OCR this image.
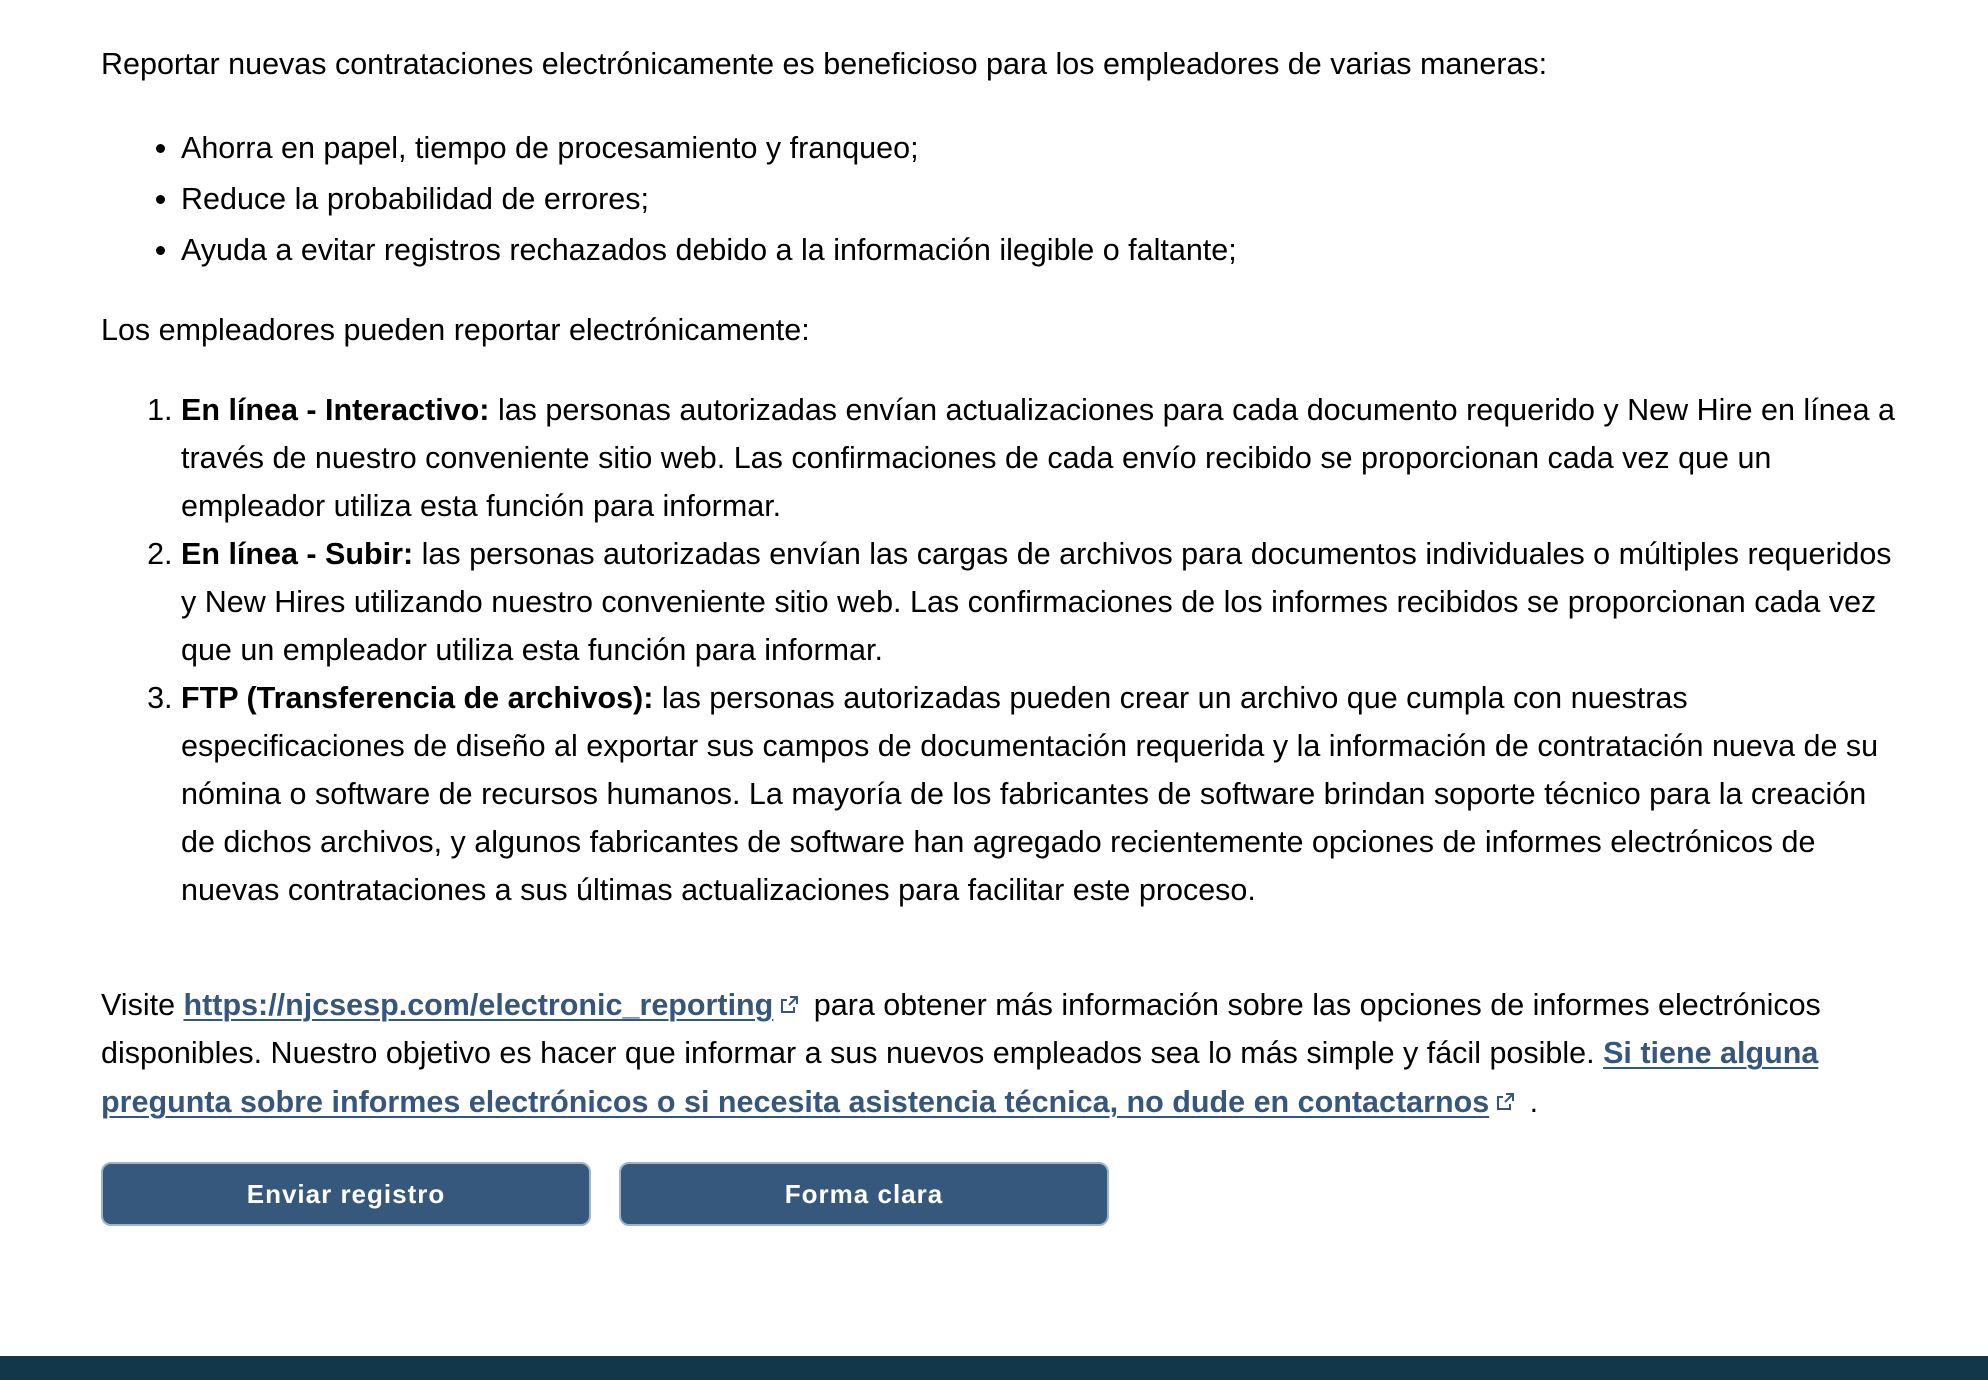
Reportar nuevas contrataciones electrónicamente es beneficioso para los empleadores de varias maneras:

• Ahorra en papel, tiempo de procesamiento y franqueo;
• Reduce la probabilidad de errores;
• Ayuda a evitar registros rechazados debido a la información ilegible o faltante;

Los empleadores pueden reportar electrónicamente:

1. En línea - Interactivo: las personas autorizadas envían actualizaciones para cada documento requerido y New Hire en línea a través de nuestro conveniente sitio web. Las confirmaciones de cada envío recibido se proporcionan cada vez que un empleador utiliza esta función para informar.
2. En línea - Subir: las personas autorizadas envían las cargas de archivos para documentos individuales o múltiples requeridos y New Hires utilizando nuestro conveniente sitio web. Las confirmaciones de los informes recibidos se proporcionan cada vez que un empleador utiliza esta función para informar.
3. FTP (Transferencia de archivos): las personas autorizadas pueden crear un archivo que cumpla con nuestras especificaciones de diseño al exportar sus campos de documentación requerida y la información de contratación nueva de su nómina o software de recursos humanos. La mayoría de los fabricantes de software brindan soporte técnico para la creación de dichos archivos, y algunos fabricantes de software han agregado recientemente opciones de informes electrónicos de nuevas contrataciones a sus últimas actualizaciones para facilitar este proceso.

Visite https://njcsesp.com/electronic_reporting
para obtener más información sobre las opciones de informes electrónicos disponibles. Nuestro objetivo es hacer que informar a sus nuevos empleados sea lo más simple y fácil posible. Si tiene alguna pregunta sobre informes electrónicos o si necesita asistencia técnica, no dude en contactarnos
.

Enviar registro	Forma clara
